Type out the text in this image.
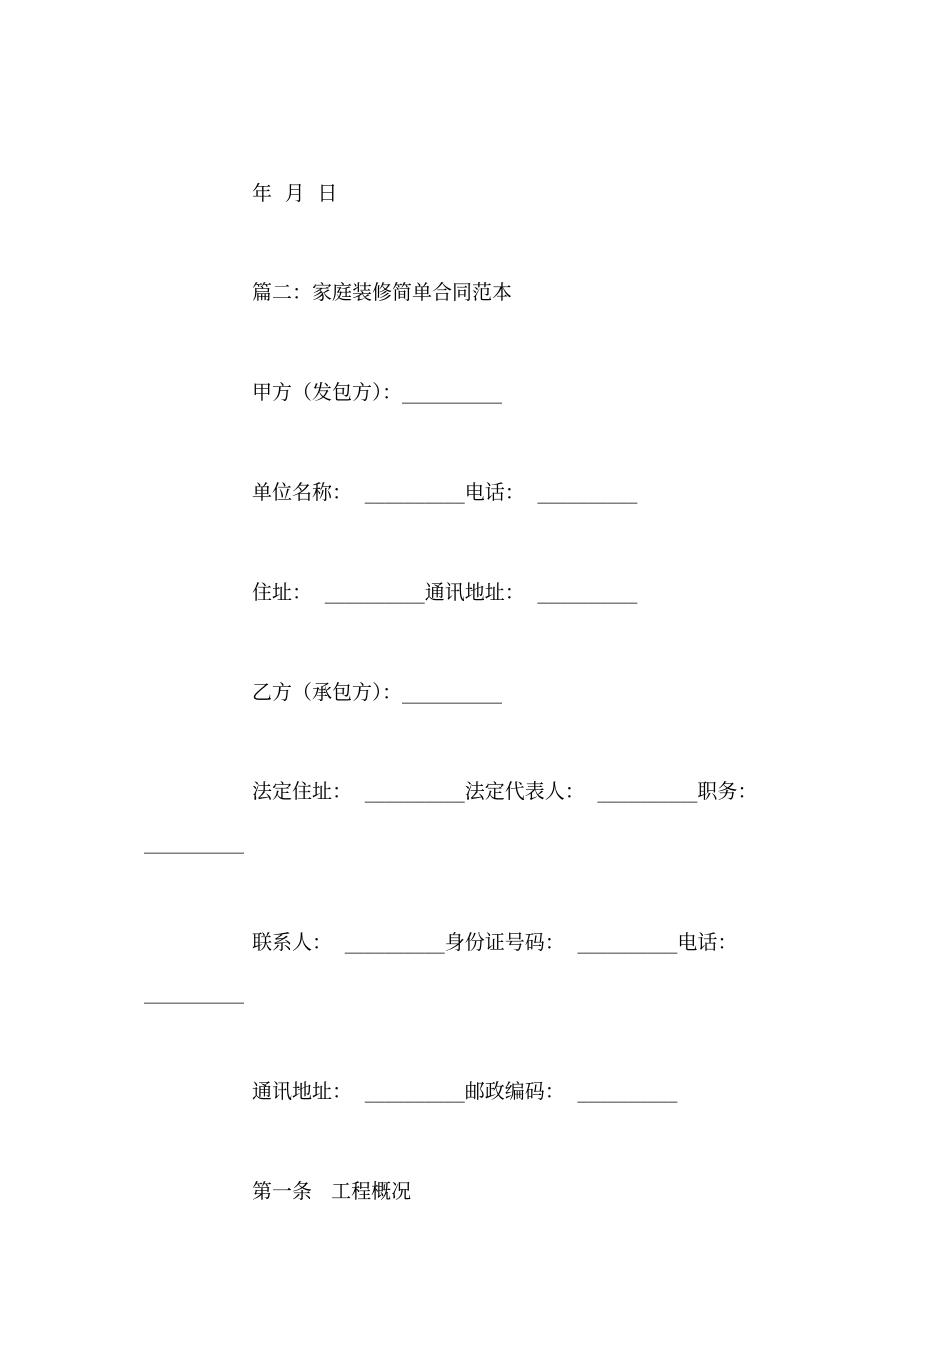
年  月  日
篇二：家庭装修简单合同范本
甲方（发包方）：__________
单位名称：  __________电话：  __________
住址：  __________通讯地址：  __________
乙方（承包方）：__________
法定住址：  __________法定代表人：  __________职务：
__________
联系人：  __________身份证号码：  __________电话：
__________
通讯地址：  __________邮政编码：  __________
第一条   工程概况
